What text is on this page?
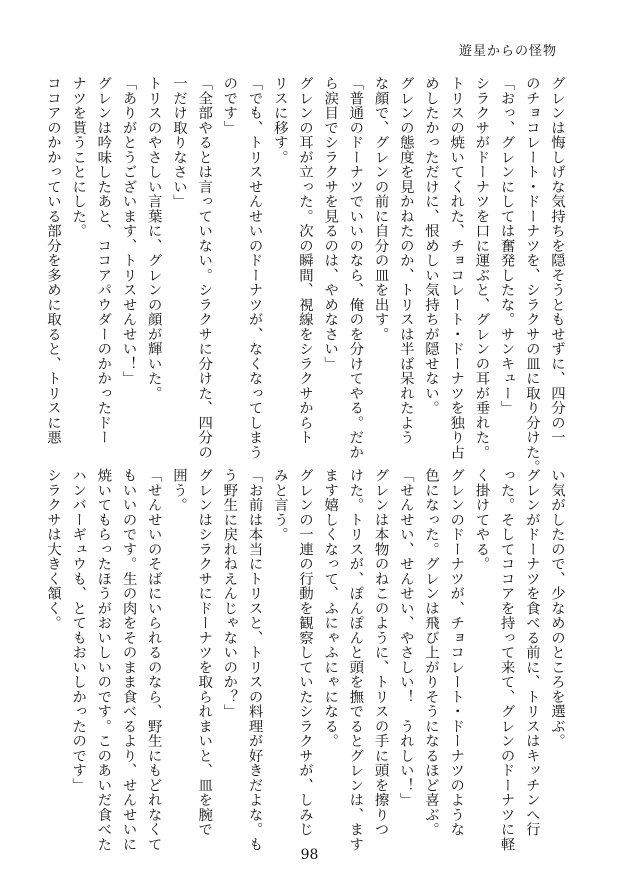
遊星からの怪物
グレンは悔しげな気持ちを隠そうともせずに、四分の一
のチョコレート・ドーナツを、シラクサの皿に取り分けた。
「おっ、グレンにしては奮発したな。サンキュー」
シラクサがドーナツを口に運ぶと、グレンの耳が垂れた。
トリスの焼いてくれた、チョコレート・ドーナツを独り占
めしたかっただけに、恨めしい気持ちが隠せない。
グレンの態度を見かねたのか、トリスは半ば呆れたよう
な顔で、グレンの前に自分の皿を出す。
「普通のドーナツでいいのなら、俺のを分けてやる。だか
ら涙目でシラクサを見るのは、やめなさい」
グレンの耳が立った。次の瞬間、視線をシラクサからト
リスに移す。
「でも、トリスせんせいのドーナツが、なくなってしまう
のです」
「全部やるとは言っていない。シラクサに分けた、四分の
一だけ取りなさい」
トリスのやさしい言葉に、グレンの顔が輝いた。
「ありがとうございます、トリスせんせい！」
グレンは吟味したあと、ココアパウダーのかかったドー
ナツを貰うことにした。
ココアのかかっている部分を多めに取ると、トリスに悪
い気がしたので、少なめのところを選ぶ。
グレンがドーナツを食べる前に、トリスはキッチンへ行
った。そしてココアを持って来て、グレンのドーナツに軽
く掛けてやる。
グレンのドーナツが、チョコレート・ドーナツのような
色になった。グレンは飛び上がりそうになるほど喜ぶ。
「せんせい、せんせい、やさしい！　うれしい！」
グレンは本物のねこのように、トリスの手に頭を擦りつ
けた。トリスが、ぽんぽんと頭を撫でるとグレンは、ます
ます嬉しくなって、ふにゃふにゃになる。
グレンの一連の行動を観察していたシラクサが、しみじ
みと言う。
「お前は本当にトリスと、トリスの料理が好きだよな。も
う野生に戻れねえんじゃないのか？」
グレンはシラクサにドーナツを取られまいと、皿を腕で
囲う。
「せんせいのそばにいられるのなら、野生にもどれなくて
もいいのです。生の肉をそのまま食べるより、せんせいに
焼いてもらったほうがおいしいのです。このあいだ食べた
ハンバーギュウも、とてもおいしかったのです」
シラクサは大きく頷く。
98
